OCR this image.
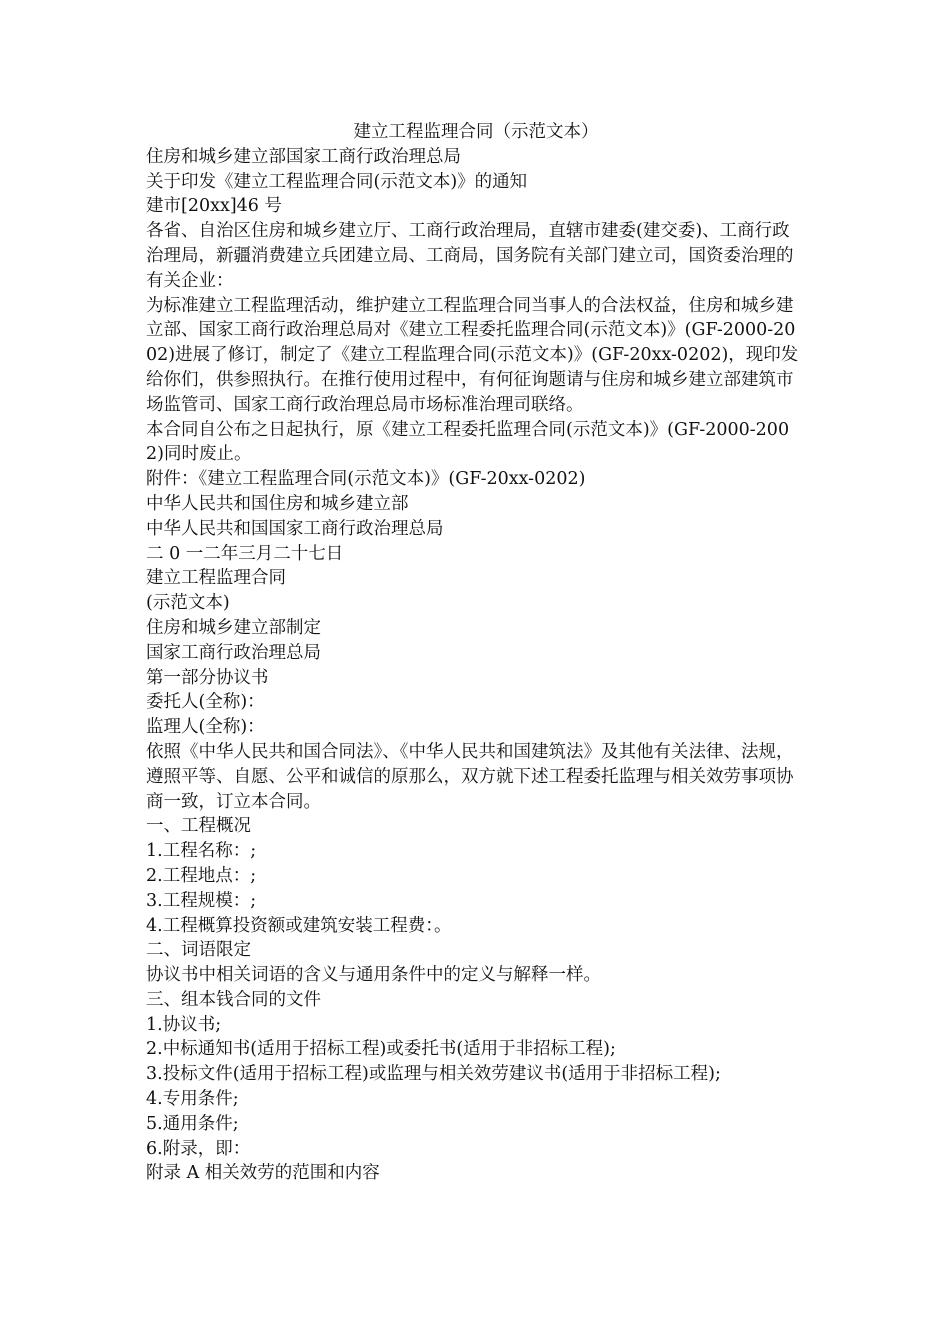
建立工程监理合同（示范文本）

住房和城乡建立部国家工商行政治理总局

关于印发《建立工程监理合同(示范文本)》的通知

建市[20xx]46 号

各省、自治区住房和城乡建立厅、工商行政治理局，直辖市建委(建交委)、工商行政治理局，新疆消费建立兵团建立局、工商局，国务院有关部门建立司，国资委治理的有关企业：

为标准建立工程监理活动，维护建立工程监理合同当事人的合法权益，住房和城乡建立部、国家工商行政治理总局对《建立工程委托监理合同(示范文本)》(GF-2000-2002)进展了修订，制定了《建立工程监理合同(示范文本)》(GF-20xx-0202)，现印发给你们，供参照执行。在推行使用过程中，有何征询题请与住房和城乡建立部建筑市场监管司、国家工商行政治理总局市场标准治理司联络。

本合同自公布之日起执行，原《建立工程委托监理合同(示范文本)》(GF-2000-2002)同时废止。

附件：《建立工程监理合同(示范文本)》(GF-20xx-0202)

中华人民共和国住房和城乡建立部

中华人民共和国国家工商行政治理总局

二 0 一二年三月二十七日

建立工程监理合同

(示范文本)

住房和城乡建立部制定

国家工商行政治理总局

第一部分协议书

委托人(全称)：

监理人(全称)：

依照《中华人民共和国合同法》、《中华人民共和国建筑法》及其他有关法律、法规，遵照平等、自愿、公平和诚信的原那么，双方就下述工程委托监理与相关效劳事项协商一致，订立本合同。

一、工程概况

1.工程名称：;

2.工程地点：;

3.工程规模：;

4.工程概算投资额或建筑安装工程费：。

二、词语限定

协议书中相关词语的含义与通用条件中的定义与解释一样。

三、组本钱合同的文件

1.协议书;

2.中标通知书(适用于招标工程)或委托书(适用于非招标工程);

3.投标文件(适用于招标工程)或监理与相关效劳建议书(适用于非招标工程);

4.专用条件;

5.通用条件;

6.附录，即：

附录 A 相关效劳的范围和内容
